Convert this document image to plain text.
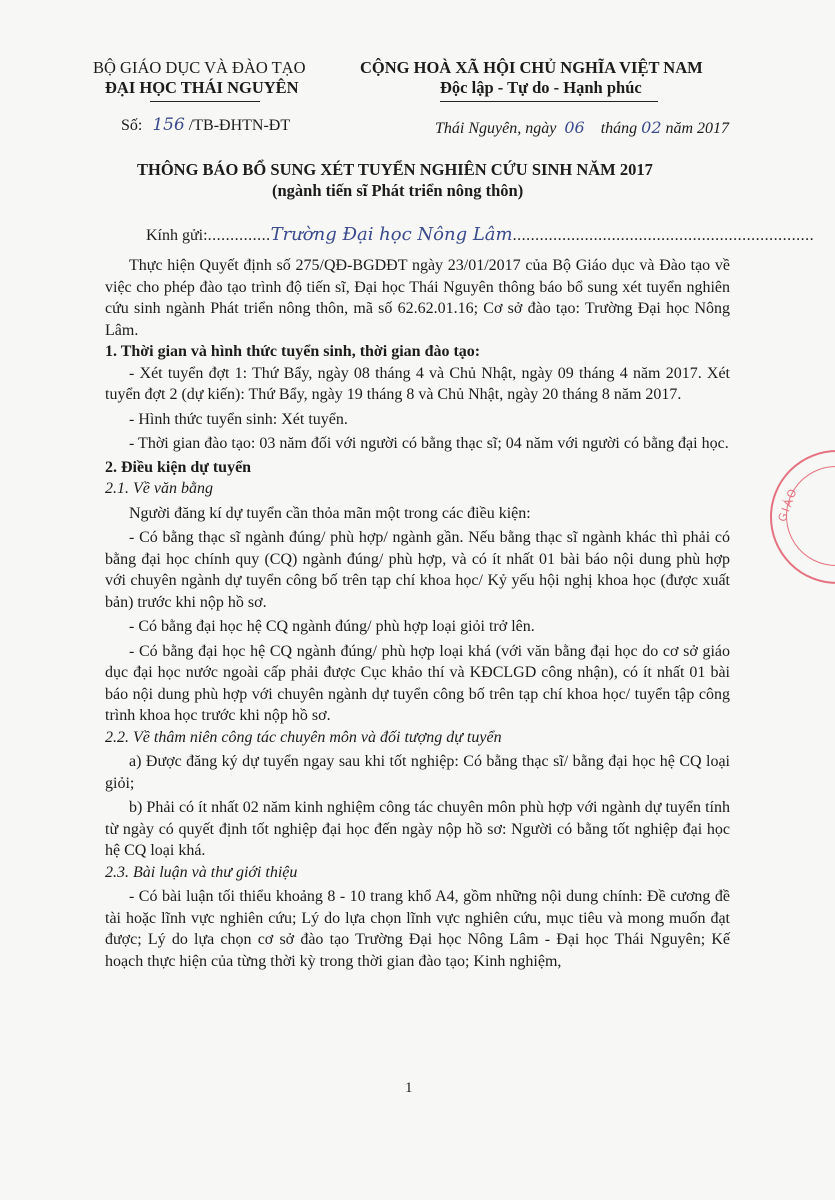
BỘ GIÁO DỤC VÀ ĐÀO TẠO
ĐẠI HỌC THÁI NGUYÊN
CỘNG HOÀ XÃ HỘI CHỦ NGHĨA VIỆT NAM
Độc lập - Tự do - Hạnh phúc
Số: 156 /TB-ĐHTN-ĐT	Thái Nguyên, ngày 06 tháng 02 năm 2017
THÔNG BÁO BỔ SUNG XÉT TUYỂN NGHIÊN CỨU SINH NĂM 2017
(ngành tiến sĩ Phát triển nông thôn)
Kính gửi:..............Trường Đại học Nông Lâm...................................................................

Thực hiện Quyết định số 275/QĐ-BGDĐT ngày 23/01/2017 của Bộ Giáo dục và Đào tạo về việc cho phép đào tạo trình độ tiến sĩ, Đại học Thái Nguyên thông báo bổ sung xét tuyển nghiên cứu sinh ngành Phát triển nông thôn, mã số 62.62.01.16; Cơ sở đào tạo: Trường Đại học Nông Lâm.

1. Thời gian và hình thức tuyển sinh, thời gian đào tạo:

- Xét tuyển đợt 1: Thứ Bẩy, ngày 08 tháng 4 và Chủ Nhật, ngày 09 tháng 4 năm 2017. Xét tuyển đợt 2 (dự kiến): Thứ Bẩy, ngày 19 tháng 8 và Chủ Nhật, ngày 20 tháng 8 năm 2017.

- Hình thức tuyển sinh: Xét tuyển.

- Thời gian đào tạo: 03 năm đối với người có bằng thạc sĩ; 04 năm với người có bằng đại học.

2. Điều kiện dự tuyển

2.1. Về văn bằng

Người đăng kí dự tuyển cần thỏa mãn một trong các điều kiện:

- Có bằng thạc sĩ ngành đúng/ phù hợp/ ngành gần. Nếu bằng thạc sĩ ngành khác thì phải có bằng đại học chính quy (CQ) ngành đúng/ phù hợp, và có ít nhất 01 bài báo nội dung phù hợp với chuyên ngành dự tuyển công bố trên tạp chí khoa học/ Kỷ yếu hội nghị khoa học (được xuất bản) trước khi nộp hồ sơ.

- Có bằng đại học hệ CQ ngành đúng/ phù hợp loại giỏi trở lên.

- Có bằng đại học hệ CQ ngành đúng/ phù hợp loại khá (với văn bằng đại học do cơ sở giáo dục đại học nước ngoài cấp phải được Cục khảo thí và KĐCLGD công nhận), có ít nhất 01 bài báo nội dung phù hợp với chuyên ngành dự tuyển công bố trên tạp chí khoa học/ tuyển tập công trình khoa học trước khi nộp hồ sơ.

2.2. Về thâm niên công tác chuyên môn và đối tượng dự tuyển

a) Được đăng ký dự tuyển ngay sau khi tốt nghiệp: Có bằng thạc sĩ/ bằng đại học hệ CQ loại giỏi;

b) Phải có ít nhất 02 năm kinh nghiệm công tác chuyên môn phù hợp với ngành dự tuyển tính từ ngày có quyết định tốt nghiệp đại học đến ngày nộp hồ sơ: Người có bằng tốt nghiệp đại học hệ CQ loại khá.

2.3. Bài luận và thư giới thiệu

- Có bài luận tối thiểu khoảng 8 - 10 trang khổ A4, gồm những nội dung chính: Đề cương đề tài hoặc lĩnh vực nghiên cứu; Lý do lựa chọn lĩnh vực nghiên cứu, mục tiêu và mong muốn đạt được; Lý do lựa chọn cơ sở đào tạo Trường Đại học Nông Lâm - Đại học Thái Nguyên; Kế hoạch thực hiện của từng thời kỳ trong thời gian đào tạo; Kinh nghiệm,

GIÁO
1
